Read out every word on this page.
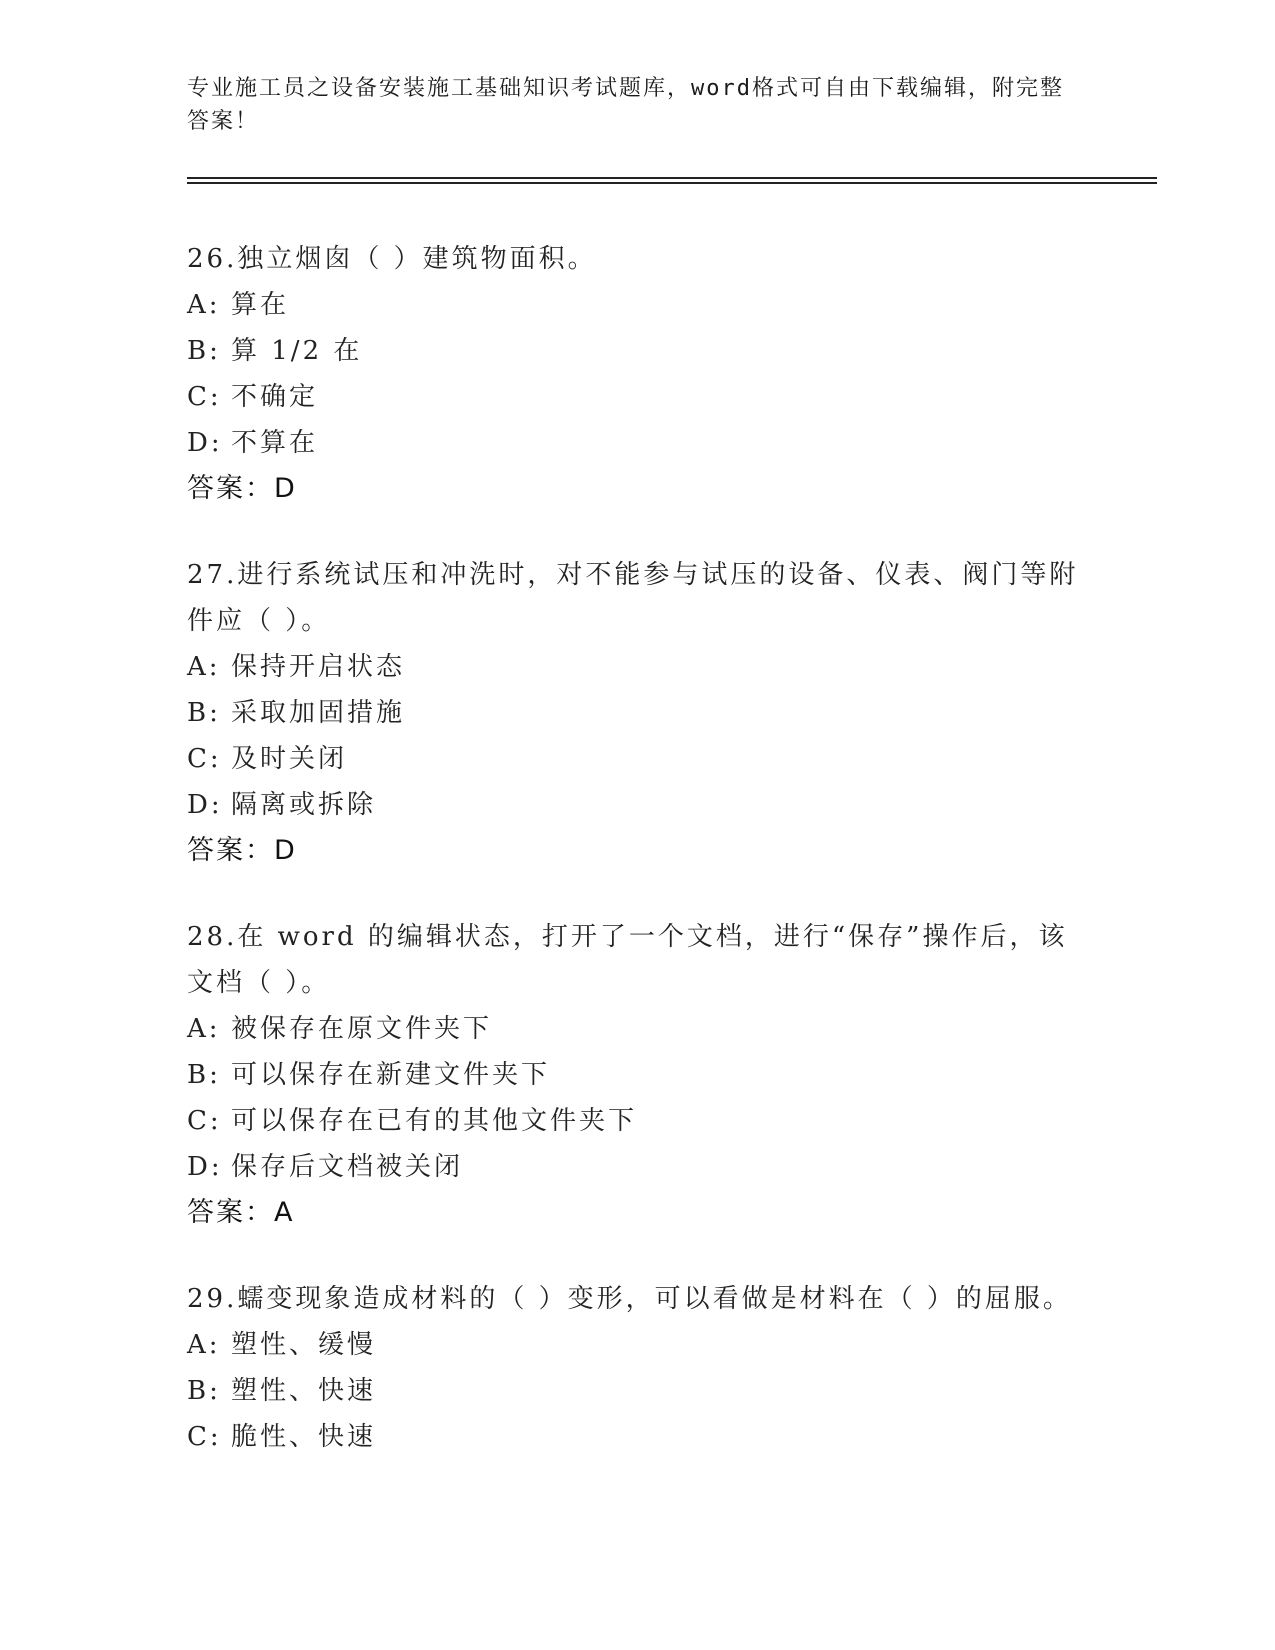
专业施工员之设备安装施工基础知识考试题库，word格式可自由下载编辑，附完整答案！

26.独立烟囱（ ）建筑物面积。

A: 算在
B: 算 1/2 在
C: 不确定
D: 不算在
答案：D

27.进行系统试压和冲洗时，对不能参与试压的设备、仪表、阀门等附件应（ ）。

A: 保持开启状态
B: 采取加固措施
C: 及时关闭
D: 隔离或拆除
答案：D

28.在 word 的编辑状态，打开了一个文档，进行“保存”操作后，该文档（ ）。

A: 被保存在原文件夹下
B: 可以保存在新建文件夹下
C: 可以保存在已有的其他文件夹下
D: 保存后文档被关闭
答案：A

29.蠕变现象造成材料的（ ）变形，可以看做是材料在（ ）的屈服。

A: 塑性、缓慢
B: 塑性、快速
C: 脆性、快速
